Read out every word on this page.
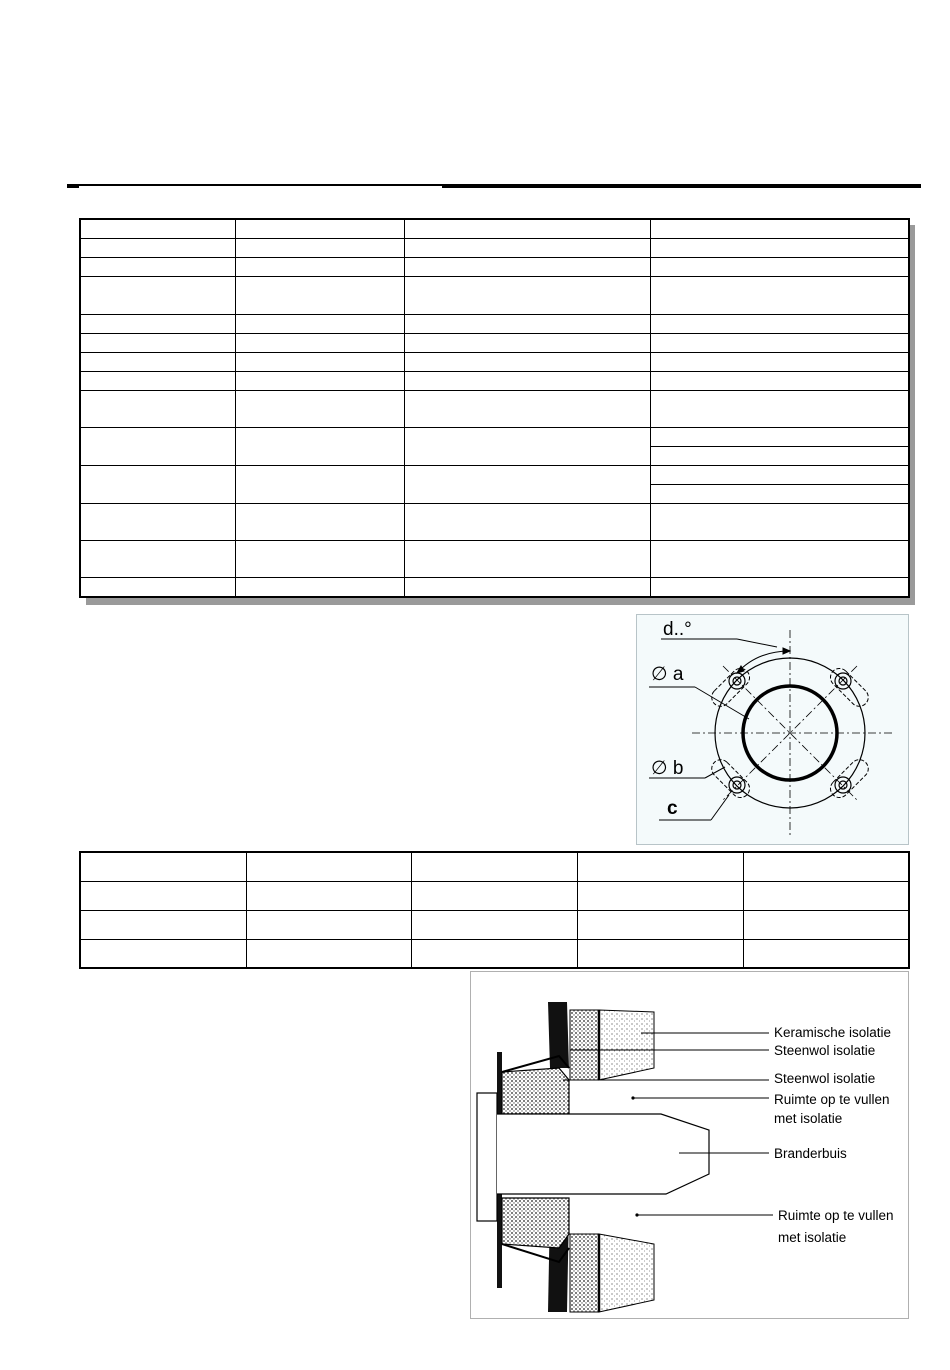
d..°
∅ a
∅ b
c

Keramische isolatie
Steenwol isolatie
Steenwol isolatie
Ruimte op te vullen
met isolatie
Branderbuis
Ruimte op te vullen
met isolatie
